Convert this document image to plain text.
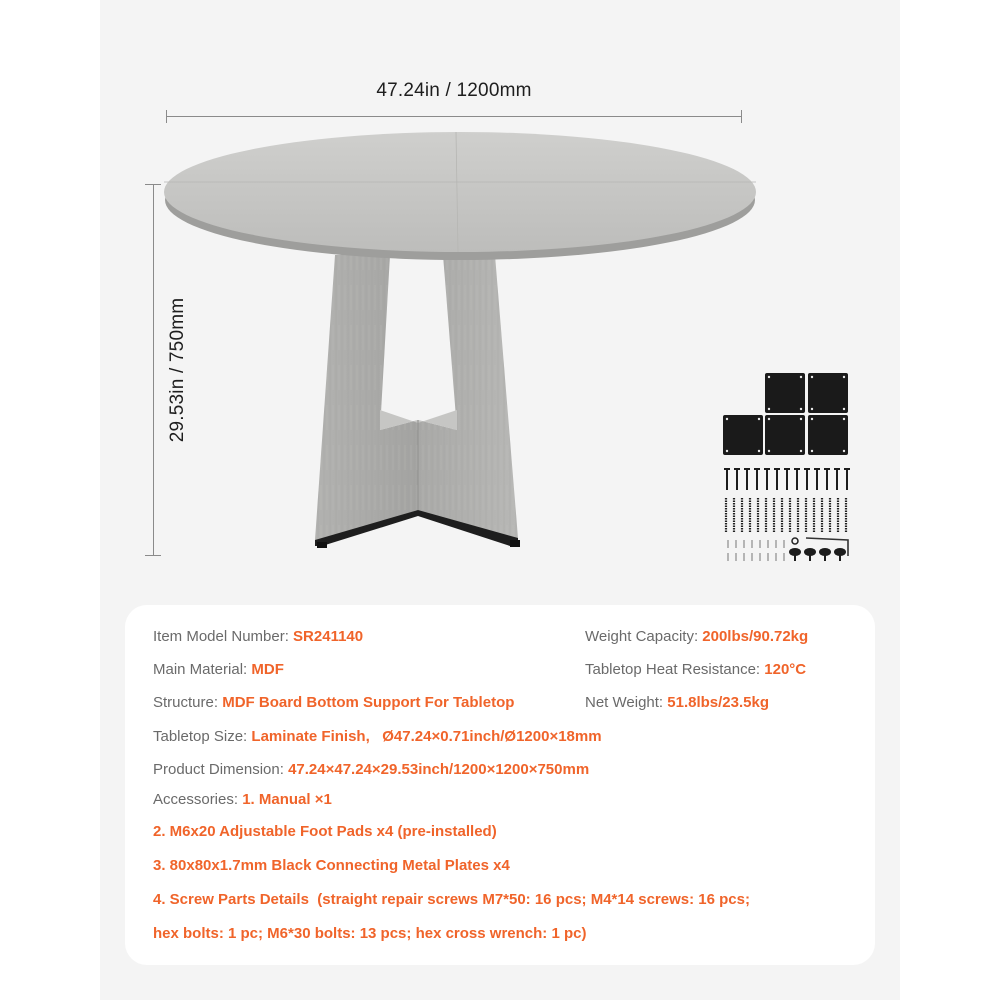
47.24in / 1200mm
29.53in / 750mm
Item Model Number: SR241140
Main Material: MDF
Structure: MDF Board Bottom Support For Tabletop
Tabletop Size: Laminate Finish,   Ø47.24×0.71inch/Ø1200×18mm
Product Dimension: 47.24×47.24×29.53inch/1200×1200×750mm
Accessories: 1. Manual ×1
Weight Capacity: 200lbs/90.72kg
Tabletop Heat Resistance: 120°C
Net Weight: 51.8lbs/23.5kg
2. M6x20 Adjustable Foot Pads x4 (pre-installed)
3. 80x80x1.7mm Black Connecting Metal Plates x4
4. Screw Parts Details  (straight repair screws M7*50: 16 pcs; M4*14 screws: 16 pcs;
hex bolts: 1 pc; M6*30 bolts: 13 pcs; hex cross wrench: 1 pc)
